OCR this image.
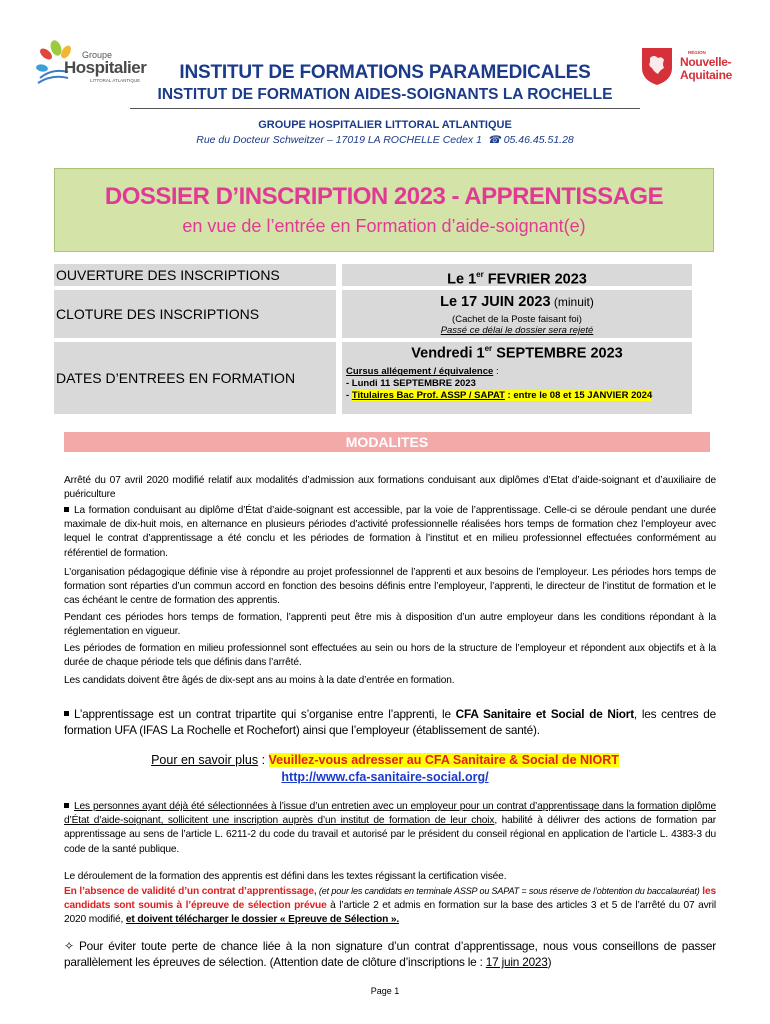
Groupe
Hospitalier
LITTORAL ATLANTIQUE
RÉGION
Nouvelle-
Aquitaine
INSTITUT DE FORMATIONS PARAMEDICALES
INSTITUT DE FORMATION AIDES-SOIGNANTS LA ROCHELLE
GROUPE HOSPITALIER LITTORAL ATLANTIQUE
Rue du Docteur Schweitzer – 17019 LA ROCHELLE Cedex 1  ☎ 05.46.45.51.28
DOSSIER D’INSCRIPTION 2023 - APPRENTISSAGE
en vue de l’entrée en Formation d’aide-soignant(e)
OUVERTURE DES INSCRIPTIONS	Le 1er FEVRIER 2023
CLOTURE DES INSCRIPTIONS
Le 17 JUIN 2023 (minuit)
(Cachet de la Poste faisant foi)
Passé ce délai le dossier sera rejeté
DATES D’ENTREES EN FORMATION
Vendredi 1er SEPTEMBRE 2023
Cursus allégement / équivalence :
- Lundi 11 SEPTEMBRE 2023
- Titulaires Bac Prof. ASSP / SAPAT : entre le 08 et 15 JANVIER 2024
MODALITES
Arrêté du 07 avril 2020 modifié relatif aux modalités d’admission aux formations conduisant aux diplômes d’Etat d’aide-soignant et d’auxiliaire de puériculture
La formation conduisant au diplôme d’État d’aide-soignant est accessible, par la voie de l’apprentissage. Celle-ci se déroule pendant une durée maximale de dix-huit mois, en alternance en plusieurs périodes d’activité professionnelle réalisées hors temps de formation chez l’employeur avec lequel le contrat d’apprentissage a été conclu et les périodes de formation à l’institut et en milieu professionnel effectuées conformément au référentiel de formation.
L’organisation pédagogique définie vise à répondre au projet professionnel de l’apprenti et aux besoins de l’employeur. Les périodes hors temps de formation sont réparties d’un commun accord en fonction des besoins définis entre l’employeur, l’apprenti, le directeur de l’institut de formation et le cas échéant le centre de formation des apprentis.
Pendant ces périodes hors temps de formation, l’apprenti peut être mis à disposition d’un autre employeur dans les conditions répondant à la réglementation en vigueur.
Les périodes de formation en milieu professionnel sont effectuées au sein ou hors de la structure de l’employeur et répondent aux objectifs et à la durée de chaque période tels que définis dans l’arrêté.
Les candidats doivent être âgés de dix-sept ans au moins à la date d’entrée en formation.
L’apprentissage est un contrat tripartite qui s’organise entre l’apprenti, le CFA Sanitaire et Social de Niort, les centres de formation UFA (IFAS La Rochelle et Rochefort) ainsi que l’employeur (établissement de santé).
Pour en savoir plus : Veuillez-vous adresser au CFA Sanitaire & Social de NIORT
http://www.cfa-sanitaire-social.org/
Les personnes ayant déjà été sélectionnées à l’issue d’un entretien avec un employeur pour un contrat d’apprentissage dans la formation diplôme d’État d’aide-soignant, sollicitent une inscription auprès d’un institut de formation de leur choix, habilité à délivrer des actions de formation par apprentissage au sens de l’article L. 6211-2 du code du travail et autorisé par le président du conseil régional en application de l’article L. 4383-3 du code de la santé publique.
Le déroulement de la formation des apprentis est défini dans les textes régissant la certification visée.
En l’absence de validité d’un contrat d’apprentissage, (et pour les candidats en terminale ASSP ou SAPAT = sous réserve de l’obtention du baccalauréat) les candidats sont soumis à l’épreuve de sélection prévue à l’article 2 et admis en formation sur la base des articles 3 et 5 de l’arrêté du 07 avril 2020 modifié, et doivent télécharger le dossier « Epreuve de Sélection ».
✧ Pour éviter toute perte de chance liée à la non signature d’un contrat d’apprentissage, nous vous conseillons de passer parallèlement les épreuves de sélection. (Attention date de clôture d’inscriptions le : 17 juin 2023)
Page 1
